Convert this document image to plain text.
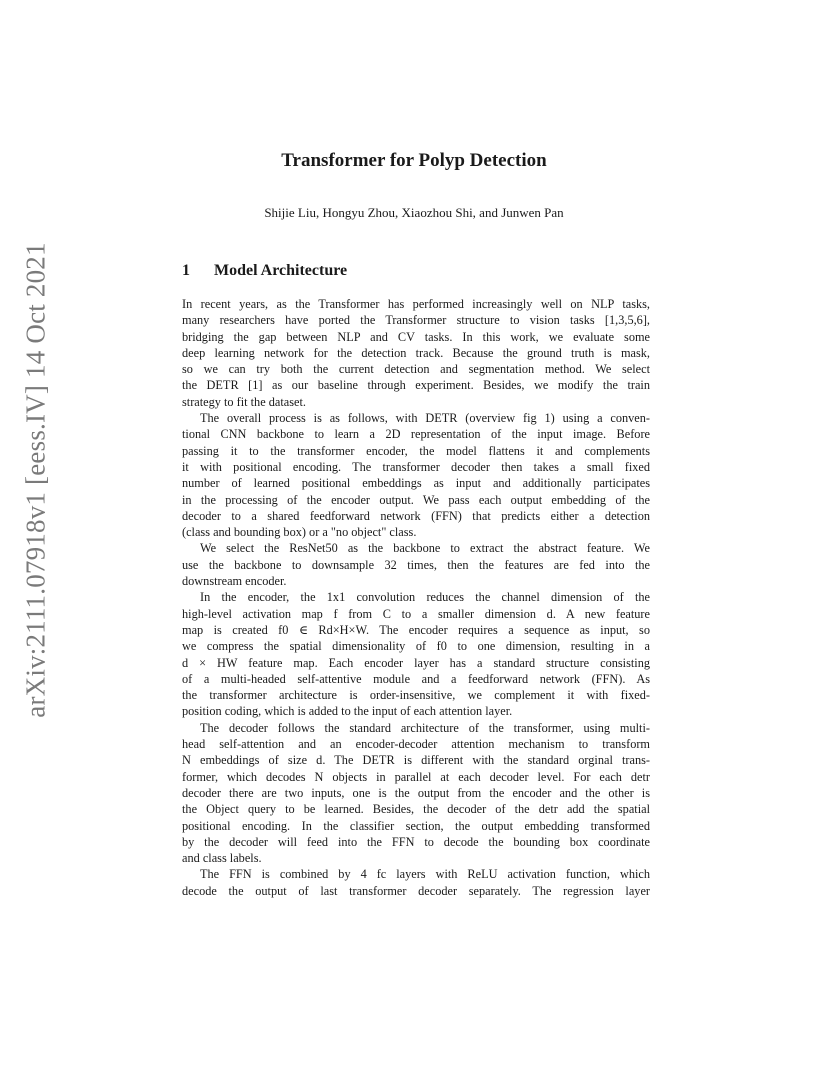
arXiv:2111.07918v1 [eess.IV] 14 Oct 2021
Transformer for Polyp Detection
Shijie Liu, Hongyu Zhou, Xiaozhou Shi, and Junwen Pan
1 Model Architecture
In recent years, as the Transformer has performed increasingly well on NLP tasks,
many researchers have ported the Transformer structure to vision tasks [1,3,5,6],
bridging the gap between NLP and CV tasks. In this work, we evaluate some
deep learning network for the detection track. Because the ground truth is mask,
so we can try both the current detection and segmentation method. We select
the DETR [1] as our baseline through experiment. Besides, we modify the train
strategy to fit the dataset.
The overall process is as follows, with DETR (overview fig 1) using a conven-
tional CNN backbone to learn a 2D representation of the input image. Before
passing it to the transformer encoder, the model flattens it and complements
it with positional encoding. The transformer decoder then takes a small fixed
number of learned positional embeddings as input and additionally participates
in the processing of the encoder output. We pass each output embedding of the
decoder to a shared feedforward network (FFN) that predicts either a detection
(class and bounding box) or a "no object" class.
We select the ResNet50 as the backbone to extract the abstract feature. We
use the backbone to downsample 32 times, then the features are fed into the
downstream encoder.
In the encoder, the 1x1 convolution reduces the channel dimension of the
high-level activation map f from C to a smaller dimension d. A new feature
map is created f0 ∈ Rd×H×W. The encoder requires a sequence as input, so
we compress the spatial dimensionality of f0 to one dimension, resulting in a
d × HW feature map. Each encoder layer has a standard structure consisting
of a multi-headed self-attentive module and a feedforward network (FFN). As
the transformer architecture is order-insensitive, we complement it with fixed-
position coding, which is added to the input of each attention layer.
The decoder follows the standard architecture of the transformer, using multi-
head self-attention and an encoder-decoder attention mechanism to transform
N embeddings of size d. The DETR is different with the standard orginal trans-
former, which decodes N objects in parallel at each decoder level. For each detr
decoder there are two inputs, one is the output from the encoder and the other is
the Object query to be learned. Besides, the decoder of the detr add the spatial
positional encoding. In the classifier section, the output embedding transformed
by the decoder will feed into the FFN to decode the bounding box coordinate
and class labels.
The FFN is combined by 4 fc layers with ReLU activation function, which
decode the output of last transformer decoder separately. The regression layer
